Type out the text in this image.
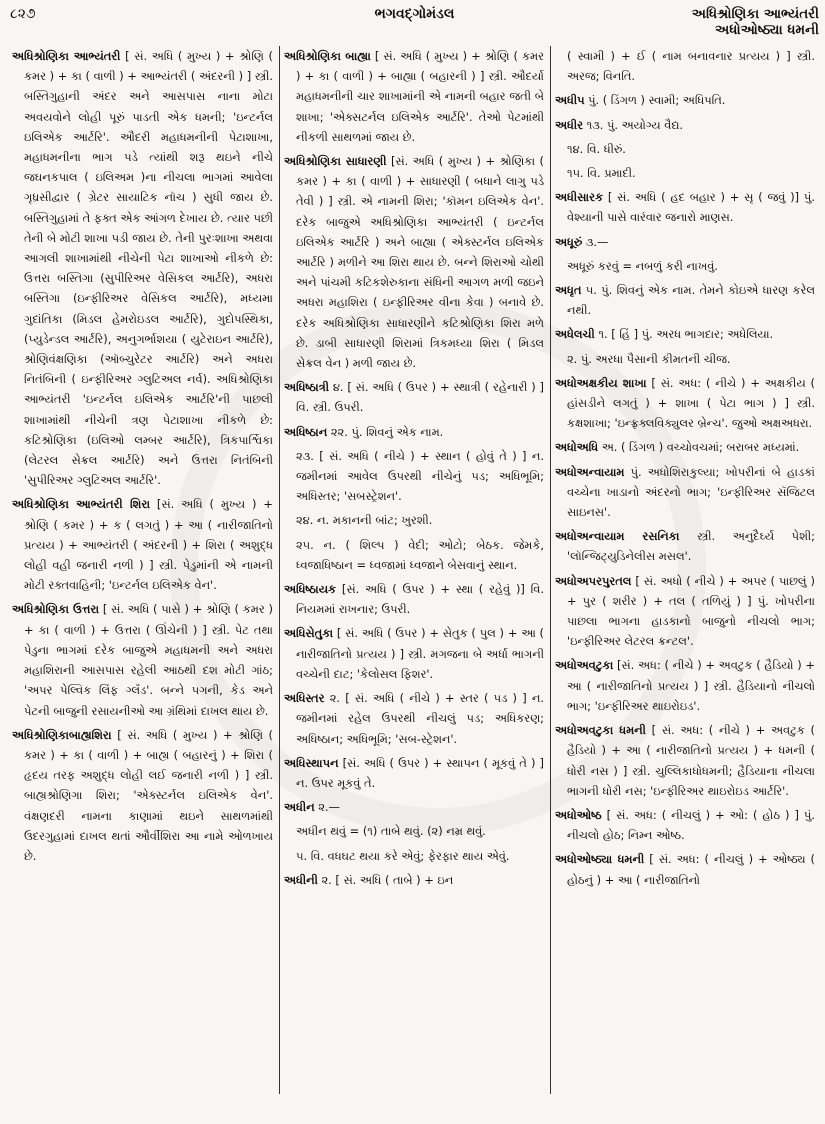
૮૨૭	ભગવદ્ગોમંડલ	અધિશ્રોણિકા આભ્યંતરી
અધોઓષ્ઠ્યા ધમની

અધિશ્રોણિકા આભ્યંતરી [ સં. અધિ ( મુખ્ય ) + શ્રોણિ ( કમર ) + કા ( વાળી ) + આભ્યંતરી ( અંદરની ) ] સ્ત્રી. બસ્તિગુહાની અંદર અને આસપાસ નાના મોટા અવયવોને લોહી પૂરું પાડતી એક ધમની; 'ઇન્ટર્નલ ઇલિએક આર્ટરિ'. ઔદરી મહાધમનીની પેટાશાખા, મહાધમનીના ભાગ પડે ત્યાંથી શરૂ થઇને નીચે જઘનકપાલ ( ઇલિઅમ )ના નીચલા ભાગમાં આવેલા ગૃધ્રસીદ્વાર ( ગ્રેટર સાયાટિક નૉચ ) સુધી જાય છે. બસ્તિગુહામાં તે ફક્ત એક આંગળ દેખાય છે. ત્યાર પછી તેની બે મોટી શાખા પડી જાય છે. તેની પુરઃશાખા અથવા આગલી શાખામાંથી નીચેની પેટા શાખાઓ નીકળે છે: ઉત્તરા બસ્તિગા (સુપીરિઅર વેસિકલ આર્ટરિ), અધરા બસ્તિગા (ઇન્ફીરિઅર વેસિકલ આર્ટરિ), મધ્યમા ગુદાંતિકા (મિડલ હેમરોઇડલ આર્ટરિ), ગુદોપસ્થિકા, (પ્યુડેન્ડલ આર્ટરિ), અનુગર્ભાશયા ( યુટેરાઇન આર્ટરિ), શ્રોણિવંક્ષણિકા (ઑબ્ચુરેટર આર્ટરિ) અને અધરા નિતંબિની ( ઇન્ફીરિઅર ગ્લુટિઅલ નર્વ). અધિશ્રોણિકા આભ્યંતરી 'ઇન્ટર્નલ ઇલિએક આર્ટરિ'ની પાછલી શાખામાંથી નીચેની ત્રણ પેટાશાખા નીકળે છે: કટિશ્રોણિકા (ઇલિઓ લમ્બર આર્ટરિ), ત્રિકપાર્શ્વિકા (લેટરલ સેક્રલ આર્ટરિ) અને ઉત્તરા નિતંબિની 'સુપીરિઅર ગ્લુટિઅલ આર્ટરિ'.

અધિશ્રોણિકા આભ્યંતરી શિરા [સં. અધિ ( મુખ્ય ) + શ્રોણિ ( કમર ) + ક ( લગતું ) + આ ( નારીજાતિનો પ્રત્યય ) + આભ્યંતરી ( અંદરની ) + શિરા ( અશુદ્ધ લોહી વહી જનારી નળી ) ] સ્ત્રી. પેડુમાંની એ નામની મોટી રક્તવાહિની; 'ઇન્ટર્નલ ઇલિએક વેન'.

અધિશ્રોણિકા ઉત્તરા [ સં. અધિ ( પાસે ) + શ્રોણિ ( કમર ) + કા ( વાળી ) + ઉત્તરા ( ઊંચેની ) ] સ્ત્રી. પેટ તથા પેડુના ભાગમાં દરેક બાજુએ મહાધમની અને અધરા મહાશિરાની આસપાસ રહેલી આઠથી દશ મોટી ગાંઠ; 'અપર પેલ્વિક લિંફ ગ્લૅંડ'. બન્ને પગની, કેડ અને પેટની બાજુની રસાયનીઓ આ ગ્રંથિમાં દાખલ થાય છે.

અધિશ્રોણિકાબાહ્યશિરા [ સં. અધિ ( મુખ્ય ) + શ્રોણિ ( કમર ) + કા ( વાળી ) + બાહ્ય ( બહારનું ) + શિરા ( હૃદય તરફ અશુદ્ધ લોહી લઈ જનારી નળી ) ] સ્ત્રી. બાહ્યશ્રોણિગા શિરા; 'એક્સ્ટર્નલ ઇલિએક વેન'. વંક્ષણદરી નામના કાણામાં થઇને સાથળમાંથી ઉદરગુહામાં દાખલ થતાં ઔર્વીશિરા આ નામે ઓળખાય છે.

અધિશ્રોણિકા બાહ્યા [ સં. અધિ ( મુખ્ય ) + શ્રોણિ ( કમર ) + કા ( વાળી ) + બાહ્યા ( બહારની ) ] સ્ત્રી. ઔદર્યા મહાધમનીની ચાર શાખામાંની એ નામની બહાર જતી બે શાખા; 'એક્સટર્નલ ઇલિએક આર્ટરિ'. તેઓ પેટમાંથી નીકળી સાથળમાં જાય છે.

અધિશ્રોણિકા સાધારણી [સં. અધિ ( મુખ્ય ) + શ્રોણિકા ( કમર ) + કા ( વાળી ) + સાધારણી ( બધાને લાગુ પડે તેવી ) ] સ્ત્રી. એ નામની શિરા; 'કૉમન ઇલિએક વેન'. દરેક બાજુએ અધિશ્રોણિકા આભ્યંતરી ( ઇન્ટર્નલ ઇલિએક આર્ટરિ ) અને બાહ્યા ( એક્સ્ટર્નલ ઇલિએક આર્ટરિ ) મળીને આ શિરા થાય છે. બન્ને શિરાઓ ચોથી અને પાંચમી કટિકશેરુકાના સંધિની આગળ મળી જઇને અધરા મહાશિરા ( ઇન્ફીરિઅર વીના કેવા ) બનાવે છે. દરેક અધિશ્રોણિકા સાધારણીને કટિશ્રોણિકા શિરા મળે છે. ડાબી સાધારણી શિરામાં ત્રિકમધ્યા શિરા ( મિડલ સેક્રલ વેન ) મળી જાય છે.

અધિષ્ઠાત્રી ૪. [ સં. અધિ ( ઉપર ) + સ્થાત્રી ( રહેનારી ) ] વિ. સ્ત્રી. ઉપરી.

અધિષ્ઠાન ૨૨. પું. શિવનું એક નામ.

૨૩. [ સં. અધિ ( નીચે ) + સ્થાન ( હોવું તે ) ] ન. જમીનમાં આવેલ ઉપરથી નીચેનું પડ; અધિભૂમિ; અધિસ્તર; 'સબસ્ટ્રેશન'.

૨૪. ન. મકાનની બાંટ; ખુરશી.

૨૫. ન. ( શિલ્પ ) વેદી; ઓટો; બેઠક. જેમકે, ધ્વજાધિષ્ઠાન = ધ્વજામાં ધ્વજાને બેસવાનું સ્થાન.

અધિષ્ઠાયક [સં. અધિ ( ઉપર ) + સ્થા ( રહેવું )] વિ. નિયમમાં રાખનાર; ઉપરી.

અધિસેતુકા [ સં. અધિ ( ઉપર ) + સેતુક ( પુલ ) + આ ( નારીજાતિનો પ્રત્યય ) ] સ્ત્રી. મગજના બે અર્ધા ભાગની વચ્ચેની દાટ; 'કેલોસલ ફિશર'.

અધિસ્તર ૨. [ સં. અધિ ( નીચે ) + સ્તર ( પડ ) ] ન. જમીનમાં રહેલ ઉપરથી નીચલું પડ; અધિકરણ; અધિષ્ઠાન; અધિભૂમિ; 'સબ-સ્ટ્રેશન'.

અધિસ્થાપન [સં. અધિ ( ઉપર ) + સ્થાપન ( મૂકવું તે ) ] ન. ઉપર મૂકવું તે.

અધીન ૨.—

અધીન થવું = (૧) તાબે થવું. (૨) નમ્ર થવું.

૫. વિ. વધઘટ થયા કરે એવું; ફેરફાર થાય એવું.

અધીની ૨. [ સં. અધિ ( તાબે ) + ઇન

( સ્વામી ) + ઈ ( નામ બનાવનાર પ્રત્યય ) ] સ્ત્રી. અરજ; વિનતિ.

અધીપ પું. ( ડિંગળ ) સ્વામી; અધિપતિ.

અધીર ૧૩. પું. અયોગ્ય વૈદ્ય.

૧૪. વિ. ધીરું.

૧૫. વિ. પ્રમાદી.

અધીસારક [ સં. અધિ ( હદ બહાર ) + સૃ ( જવું )] પું. વેશ્યાની પાસે વારંવાર જનારો માણસ.

અધૂરું ૩.—

અધૂરું કરવું = નબળું કરી નાખવું.

અધૃત ૫. પું. શિવનું એક નામ. તેમને કોઇએ ધારણ કરેલ નથી.

અધેલચી ૧. [ હિં ] પું. અરધ ભાગદાર; અધેલિયા.

૨. પું. અરધા પૈસાની કીમતની ચીજ.

અધોઅક્ષકીય શાખા [ સં. અધ: ( નીચે ) + અક્ષકીય ( હાંસડીને લગતું ) + શાખા ( પેટા ભાગ ) ] સ્ત્રી. કક્ષશાખા; 'ઇન્ફ્રક્લવિક્યુલર બ્રેન્ચ'. જુઓ અક્ષઅધરા.

અધોઅધિ અ. ( ડિંગળ ) વચ્ચોવચમાં; બરાબર મધ્યમાં.

અધોઅન્વાયામ પું. અધોશિરાકુલ્યા; ખોપરીનાં બે હાડકાં વચ્ચેના ખાડાનો અંદરનો ભાગ; 'ઇન્ફીરિઅર સૅજિટલ સાઇનસ'.

અધોઅન્વાયામ રસનિકા સ્ત્રી. અનુદૈર્ઘ્ય પેશી; 'લૉન્જિટ્યુડિનેલીસ મસલ'.

અધોઅપરપુરતલ [ સં. અધો ( નીચે ) + અપર ( પાછલું ) + પુર ( શરીર ) + તલ ( તળિયું ) ] પું. ખોપરીના પાછલા ભાગના હાડકાનો બાજુનો નીચલો ભાગ; 'ઇન્ફીરિઅર લેટરલ ક્રન્ટલ'.

અધોઅવટુકા [સં. અધ: ( નીચે ) + અવટુક ( હૈડિયો ) + આ ( નારીજાતિનો પ્રત્યય ) ] સ્ત્રી. હૈડિયાનો નીચલો ભાગ; 'ઇન્ફીરિઅર થાઇરોઇડ'.

અધોઅવટુકા ધમની [ સં. અધ: ( નીચે ) + અવટુક ( હૈડિયો ) + આ ( નારીજાતિનો પ્રત્યય ) + ધમની ( ધોરી નસ ) ] સ્ત્રી. ચુલ્લિકાધોધમની; હૈડિયાના નીચલા ભાગની ધોરી નસ; 'ઇન્ફીરિઅર થાઇરોઇડ આર્ટરિ'.

અધોઓષ્ઠ [ સં. અધ: ( નીચલું ) + ઓ: ( હોઠ ) ] પું. નીચલો હોઠ; નિમ્ન ઓષ્ઠ.

અધોઓષ્ઠ્યા ધમની [ સં. અધ: ( નીચલું ) + ઓષ્ઠ્ય ( હોઠનું ) + આ ( નારીજાતિનો
